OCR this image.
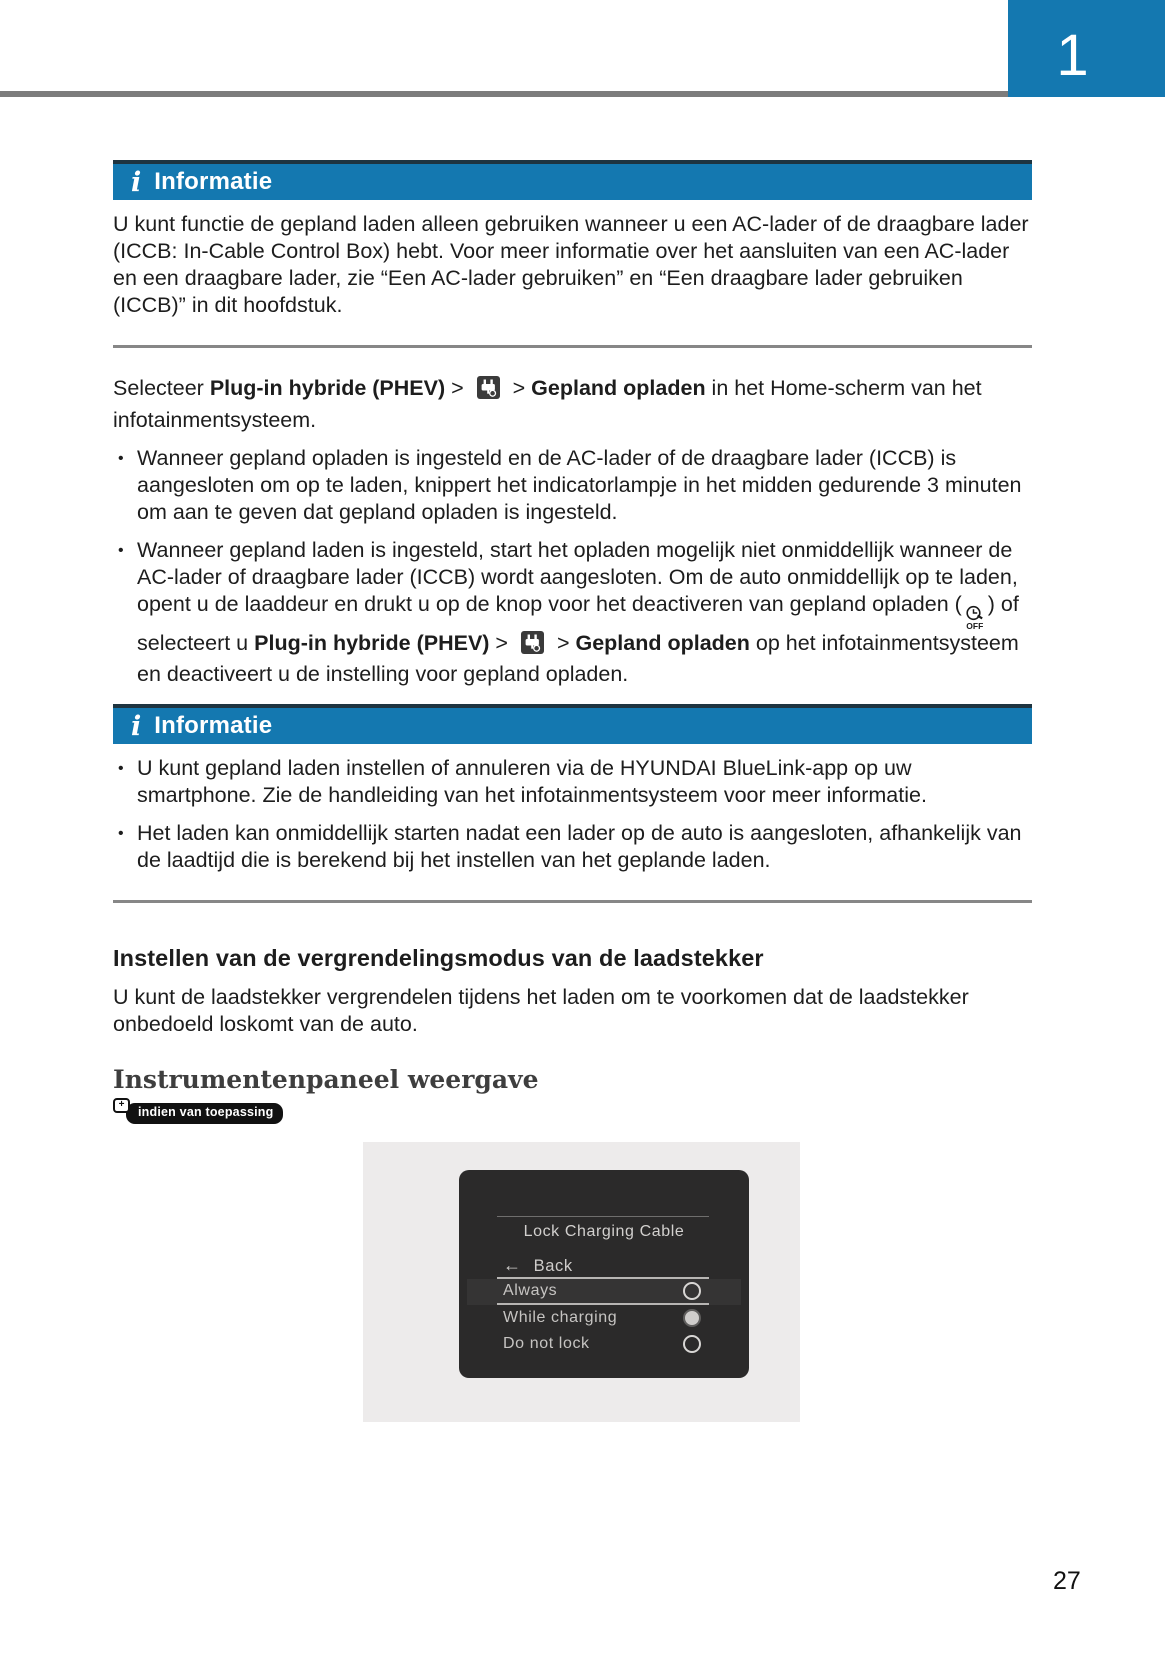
1
i Informatie
U kunt functie de gepland laden alleen gebruiken wanneer u een AC-lader of de draagbare lader (ICCB: In-Cable Control Box) hebt. Voor meer informatie over het aansluiten van een AC-lader en een draagbare lader, zie “Een AC-lader gebruiken” en “Een draagbare lader gebruiken (ICCB)” in dit hoofdstuk.
Selecteer Plug-in hybride (PHEV) >  > Gepland opladen in het Home-scherm van het infotainmentsysteem.
• Wanneer gepland opladen is ingesteld en de AC-lader of de draagbare lader (ICCB) is aangesloten om op te laden, knippert het indicatorlampje in het midden gedurende 3 minuten om aan te geven dat gepland opladen is ingesteld.
• Wanneer gepland laden is ingesteld, start het opladen mogelijk niet onmiddellijk wanneer de AC-lader of draagbare lader (ICCB) wordt aangesloten. Om de auto onmiddellijk op te laden, opent u de laaddeur en drukt u op de knop voor het deactiveren van gepland opladen (
OFF
) of selecteert u Plug-in hybride (PHEV) >  > Gepland opladen op het infotainmentsysteem en deactiveert u de instelling voor gepland opladen.
i Informatie
• U kunt gepland laden instellen of annuleren via de HYUNDAI BlueLink-app op uw smartphone. Zie de handleiding van het infotainmentsysteem voor meer informatie.
• Het laden kan onmiddellijk starten nadat een lader op de auto is aangesloten, afhankelijk van de laadtijd die is berekend bij het instellen van het geplande laden.
Instellen van de vergrendelingsmodus van de laadstekker
U kunt de laadstekker vergrendelen tijdens het laden om te voorkomen dat de laadstekker onbedoeld loskomt van de auto.
Instrumentenpaneel weergave
+
indien van toepassing
Lock Charging Cable
← Back
Always
While charging
Do not lock
27
